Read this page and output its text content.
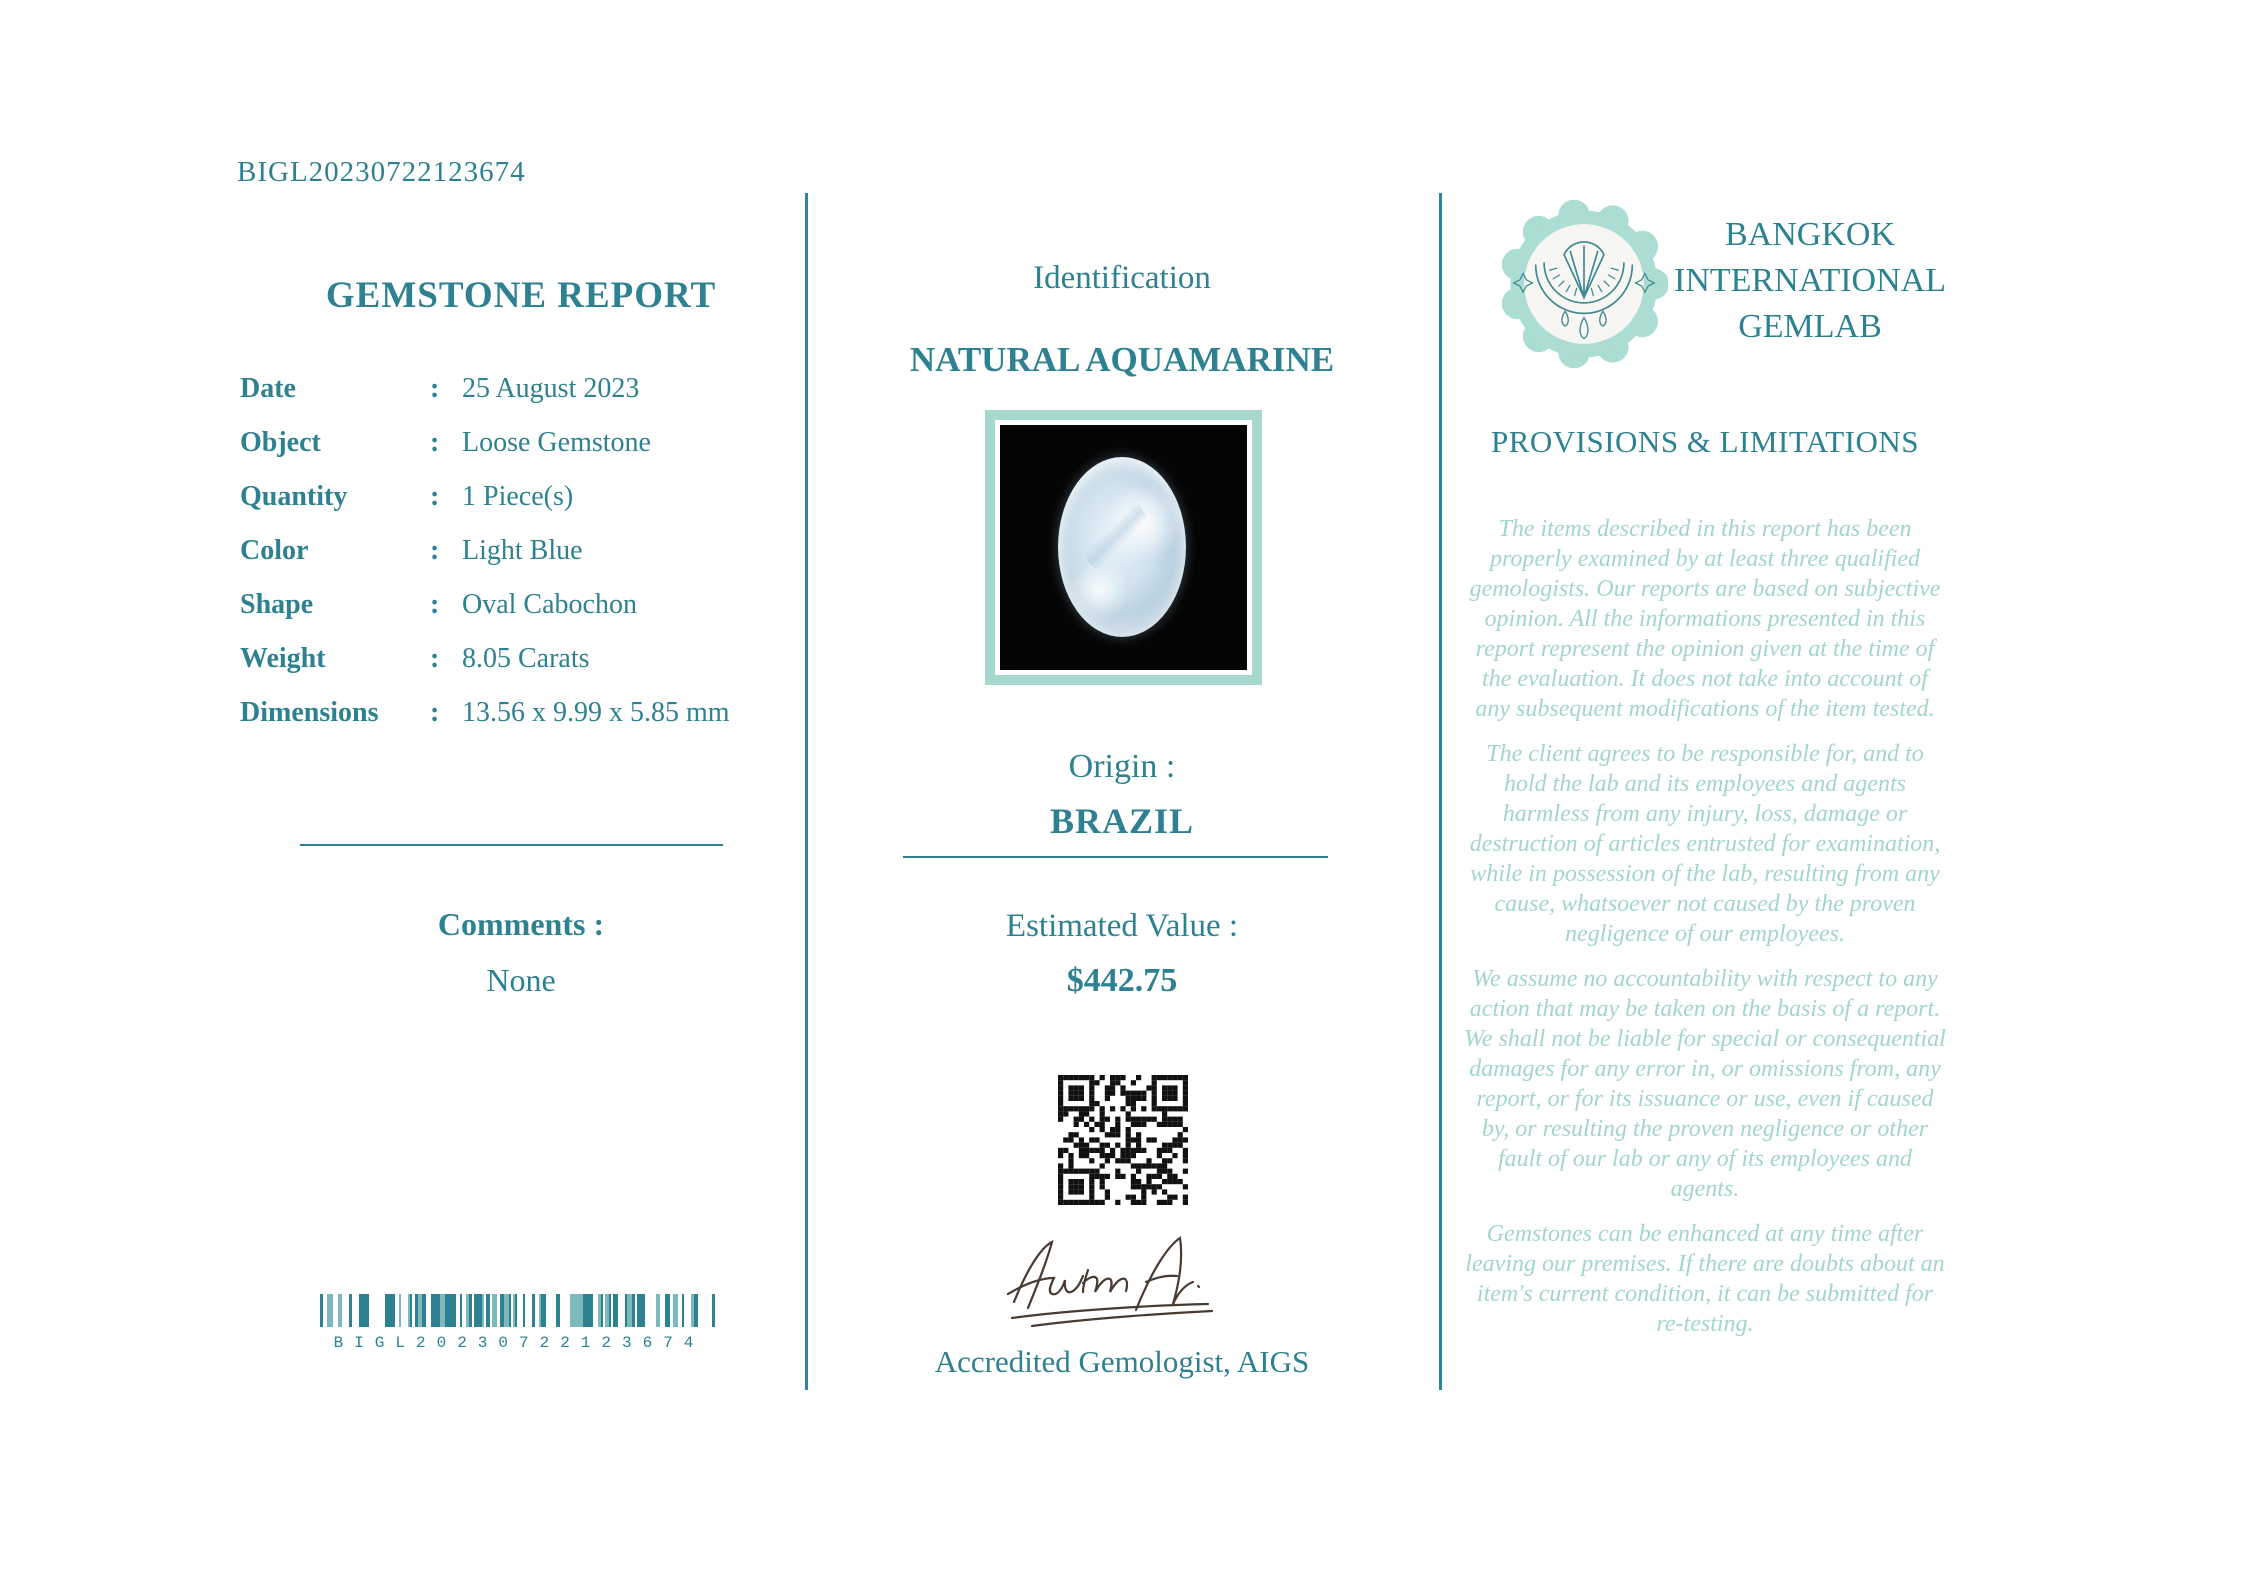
BIGL20230722123674
GEMSTONE REPORT
Date	: 25 August 2023
Object	: Loose Gemstone
Quantity	: 1 Piece(s)
Color	: Light Blue
Shape	: Oval Cabochon
Weight	: 8.05 Carats
Dimensions	: 13.56 x 9.99 x 5.85 mm
Comments :
None
BIGL20230722123674
Identification
NATURAL AQUAMARINE
Origin :
BRAZIL
Estimated Value :
$442.75
Accredited Gemologist, AIGS
BANGKOK
INTERNATIONAL
GEMLAB
PROVISIONS & LIMITATIONS

The items described in this report has been properly examined by at least three qualified gemologists. Our reports are based on subjective opinion. All the informations presented in this report represent the opinion given at the time of the evaluation. It does not take into account of any subsequent modifications of the item tested.

The client agrees to be responsible for, and to hold the lab and its employees and agents harmless from any injury, loss, damage or destruction of articles entrusted for examination, while in possession of the lab, resulting from any cause, whatsoever not caused by the proven negligence of our employees.

We assume no accountability with respect to any action that may be taken on the basis of a report. We shall not be liable for special or consequential damages for any error in, or omissions from, any report, or for its issuance or use, even if caused by, or resulting the proven negligence or other fault of our lab or any of its employees and agents.

Gemstones can be enhanced at any time after leaving our premises. If there are doubts about an item's current condition, it can be submitted for re-testing.
